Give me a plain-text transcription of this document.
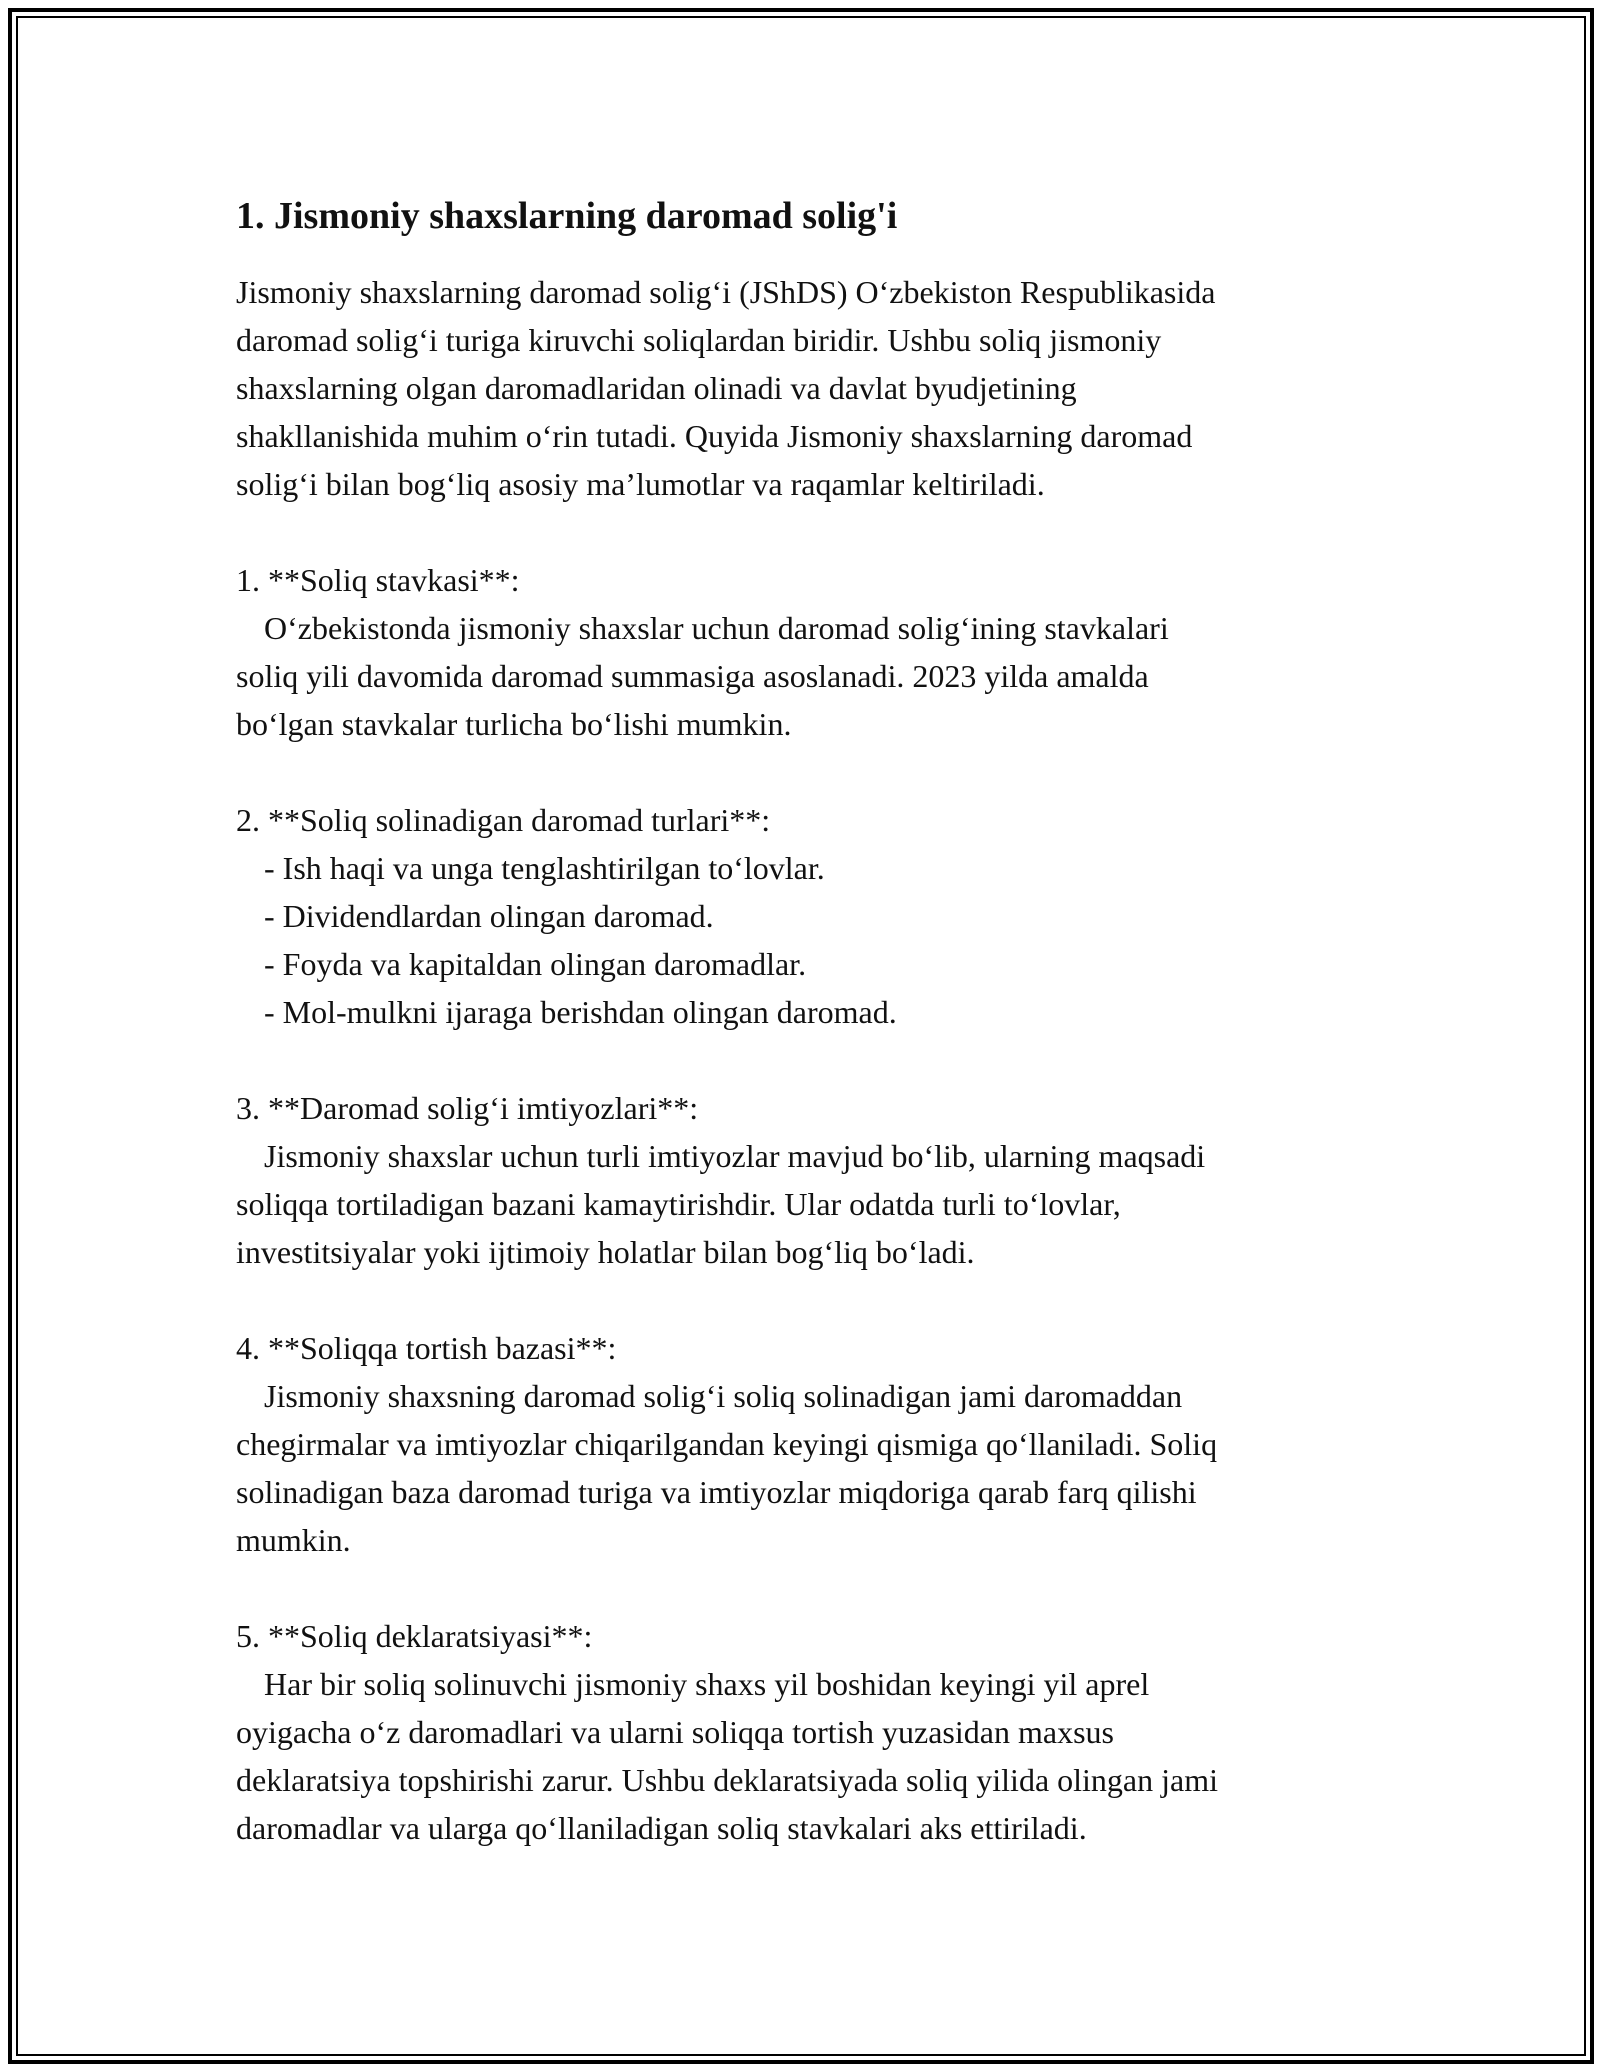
1. Jismoniy shaxslarning daromad solig'i

Jismoniy shaxslarning daromad solig‘i (JShDS) O‘zbekiston Respublikasida

daromad solig‘i turiga kiruvchi soliqlardan biridir. Ushbu soliq jismoniy

shaxslarning olgan daromadlaridan olinadi va davlat byudjetining

shakllanishida muhim o‘rin tutadi. Quyida Jismoniy shaxslarning daromad

solig‘i bilan bog‘liq asosiy ma’lumotlar va raqamlar keltiriladi.

1. **Soliq stavkasi**:

O‘zbekistonda jismoniy shaxslar uchun daromad solig‘ining stavkalari

soliq yili davomida daromad summasiga asoslanadi. 2023 yilda amalda

bo‘lgan stavkalar turlicha bo‘lishi mumkin.

2. **Soliq solinadigan daromad turlari**:

- Ish haqi va unga tenglashtirilgan to‘lovlar.

- Dividendlardan olingan daromad.

- Foyda va kapitaldan olingan daromadlar.

- Mol-mulkni ijaraga berishdan olingan daromad.

3. **Daromad solig‘i imtiyozlari**:

Jismoniy shaxslar uchun turli imtiyozlar mavjud bo‘lib, ularning maqsadi

soliqqa tortiladigan bazani kamaytirishdir. Ular odatda turli to‘lovlar,

investitsiyalar yoki ijtimoiy holatlar bilan bog‘liq bo‘ladi.

4. **Soliqqa tortish bazasi**:

Jismoniy shaxsning daromad solig‘i soliq solinadigan jami daromaddan

chegirmalar va imtiyozlar chiqarilgandan keyingi qismiga qo‘llaniladi. Soliq

solinadigan baza daromad turiga va imtiyozlar miqdoriga qarab farq qilishi

mumkin.

5. **Soliq deklaratsiyasi**:

Har bir soliq solinuvchi jismoniy shaxs yil boshidan keyingi yil aprel

oyigacha o‘z daromadlari va ularni soliqqa tortish yuzasidan maxsus

deklaratsiya topshirishi zarur. Ushbu deklaratsiyada soliq yilida olingan jami

daromadlar va ularga qo‘llaniladigan soliq stavkalari aks ettiriladi.
